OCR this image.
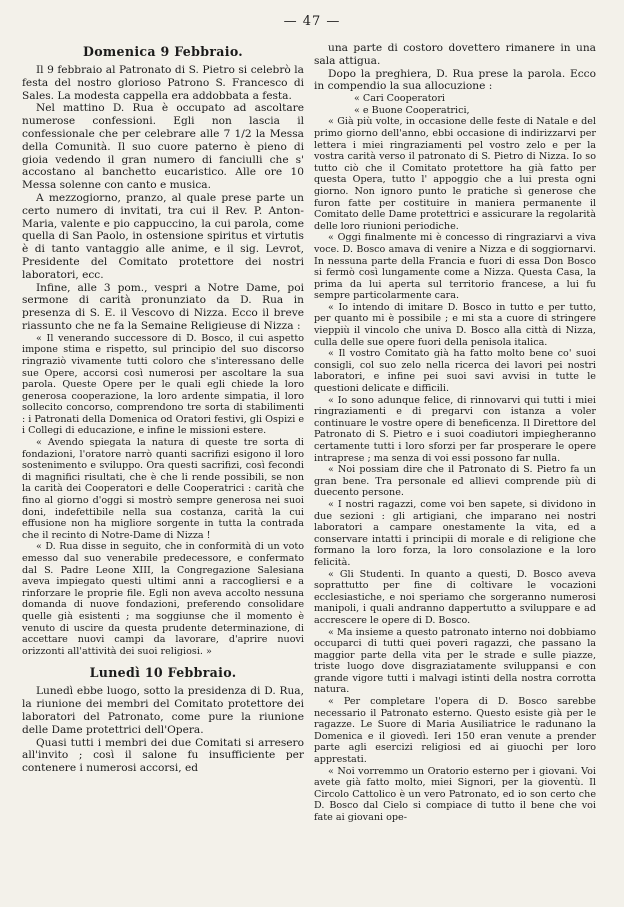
— 47 —
Domenica 9 Febbraio.

Il 9 febbraio al Patronato di S. Pietro si celebrò la festa del nostro glorioso Patrono S. Francesco di Sales. La modesta cappella era addobbata a festa.

Nel mattino D. Rua è occupato ad ascoltare numerose confessioni. Egli non lascia il confessionale che per celebrare alle 7 1/2 la Messa della Comunità. Il suo cuore paterno è pieno di gioia vedendo il gran numero di fanciulli che s' accostano al banchetto eucaristico. Alle ore 10 Messa solenne con canto e musica.

A mezzogiorno, pranzo, al quale prese parte un certo numero di invitati, tra cui il Rev. P. Anton-Maria, valente e pio cappuccino, la cui parola, come quella di San Paolo, in ostensione spiritus et virtutis è di tanto vantaggio alle anime, e il sig. Levrot, Presidente del Comitato protettore dei nostri laboratori, ecc.

Infine, alle 3 pom., vespri a Notre Dame, poi sermone di carità pronunziato da D. Rua in presenza di S. E. il Vescovo di Nizza. Ecco il breve riassunto che ne fa la Semaine Religieuse di Nizza :

« Il venerando successore di D. Bosco, il cui aspetto impone stima e rispetto, sul principio del suo discorso ringraziò vivamente tutti coloro che s'interessano delle sue Opere, accorsi così numerosi per ascoltare la sua parola. Queste Opere per le quali egli chiede la loro generosa cooperazione, la loro ardente simpatia, il loro sollecito concorso, comprendono tre sorta di stabilimenti : i Patronati della Domenica od Oratori festivi, gli Ospizi e i Collegi di educazione, e infine le missioni estere.

« Avendo spiegata la natura di queste tre sorta di fondazioni, l'oratore narrò quanti sacrifizi esigono il loro sostenimento e sviluppo. Ora questi sacrifizi, così fecondi di magnifici risultati, che è che li rende possibili, se non la carità dei Cooperatori e delle Cooperatrici : carità che fino al giorno d'oggi si mostrò sempre generosa nei suoi doni, indefettibile nella sua costanza, carità la cui effusione non ha migliore sorgente in tutta la contrada che il recinto di Notre-Dame di Nizza !

« D. Rua disse in seguito, che in conformità di un voto emesso dal suo venerabile predecessore, e confermato dal S. Padre Leone XIII, la Congregazione Salesiana aveva impiegato questi ultimi anni a raccogliersi e a rinforzare le proprie file. Egli non aveva accolto nessuna domanda di nuove fondazioni, preferendo consolidare quelle già esistenti ; ma soggiunse che il momento è venuto di uscire da questa prudente determinazione, di accettare nuovi campi da lavorare, d'aprire nuovi orizzonti all'attività dei suoi religiosi. »

Lunedì 10 Febbraio.

Lunedì ebbe luogo, sotto la presidenza di D. Rua, la riunione dei membri del Comitato protettore dei laboratori del Patronato, come pure la riunione delle Dame protettrici dell'Opera.

Quasi tutti i membri dei due Comitati si arresero all'invito ; così il salone fu insufficiente per contenere i numerosi accorsi, ed

una parte di costoro dovettero rimanere in una sala attigua.

Dopo la preghiera, D. Rua prese la parola. Ecco in compendio la sua allocuzione :

« Cari Cooperatori

« e Buone Cooperatrici,

« Già più volte, in occasione delle feste di Natale e del primo giorno dell'anno, ebbi occasione di indirizzarvi per lettera i miei ringraziamenti pel vostro zelo e per la vostra carità verso il patronato di S. Pietro di Nizza. Io so tutto ciò che il Comitato protettore ha già fatto per questa Opera, tutto l' appoggio che a lui presta ogni giorno. Non ignoro punto le pratiche sì generose che furon fatte per costituire in maniera permanente il Comitato delle Dame protettrici e assicurare la regolarità delle loro riunioni periodiche.

« Oggi finalmente mi è concesso di ringraziarvi a viva voce. D. Bosco amava di venire a Nizza e di soggiornarvi. In nessuna parte della Francia e fuori di essa Don Bosco si fermò così lungamente come a Nizza. Questa Casa, la prima da lui aperta sul territorio francese, a lui fu sempre particolarmente cara.

« Io intendo di imitare D. Bosco in tutto e per tutto, per quanto mi è possibile ; e mi sta a cuore di stringere vieppiù il vincolo che univa D. Bosco alla città di Nizza, culla delle sue opere fuori della penisola italica.

« Il vostro Comitato già ha fatto molto bene co' suoi consigli, col suo zelo nella ricerca dei lavori pei nostri laboratori, e infine pei suoi savi avvisi in tutte le questioni delicate e difficili.

« Io sono adunque felice, di rinnovarvi qui tutti i miei ringraziamenti e di pregarvi con istanza a voler continuare le vostre opere di beneficenza. Il Direttore del Patronato di S. Pietro e i suoi coadiutori impiegheranno certamente tutti i loro sforzi per far prosperare le opere intraprese ; ma senza di voi essi possono far nulla.

« Noi possiam dire che il Patronato di S. Pietro fa un gran bene. Tra personale ed allievi comprende più di duecento persone.

« I nostri ragazzi, come voi ben sapete, si dividono in due sezioni : gli artigiani, che imparano nei nostri laboratori a campare onestamente la vita, ed a conservare intatti i principii di morale e di religione che formano la loro forza, la loro consolazione e la loro felicità.

« Gli Studenti. In quanto a questi, D. Bosco aveva soprattutto per fine di coltivare le vocazioni ecclesiastiche, e noi speriamo che sorgeranno numerosi manipoli, i quali andranno dappertutto a sviluppare e ad accrescere le opere di D. Bosco.

« Ma insieme a questo patronato interno noi dobbiamo occuparci di tutti quei poveri ragazzi, che passano la maggior parte della vita per le strade e sulle piazze, triste luogo dove disgraziatamente sviluppansi e con grande vigore tutti i malvagi istinti della nostra corrotta natura.

« Per completare l'opera di D. Bosco sarebbe necessario il Patronato esterno. Questo esiste già per le ragazze. Le Suore di Maria Ausiliatrice le radunano la Domenica e il giovedì. Ieri 150 eran venute a prender parte agli esercizi religiosi ed ai giuochi per loro apprestati.

« Noi vorremmo un Oratorio esterno per i giovani. Voi avete già fatto molto, miei Signori, per la gioventù. Il Circolo Cattolico è un vero Patronato, ed io son certo che D. Bosco dal Cielo si compiace di tutto il bene che voi fate ai giovani ope-
